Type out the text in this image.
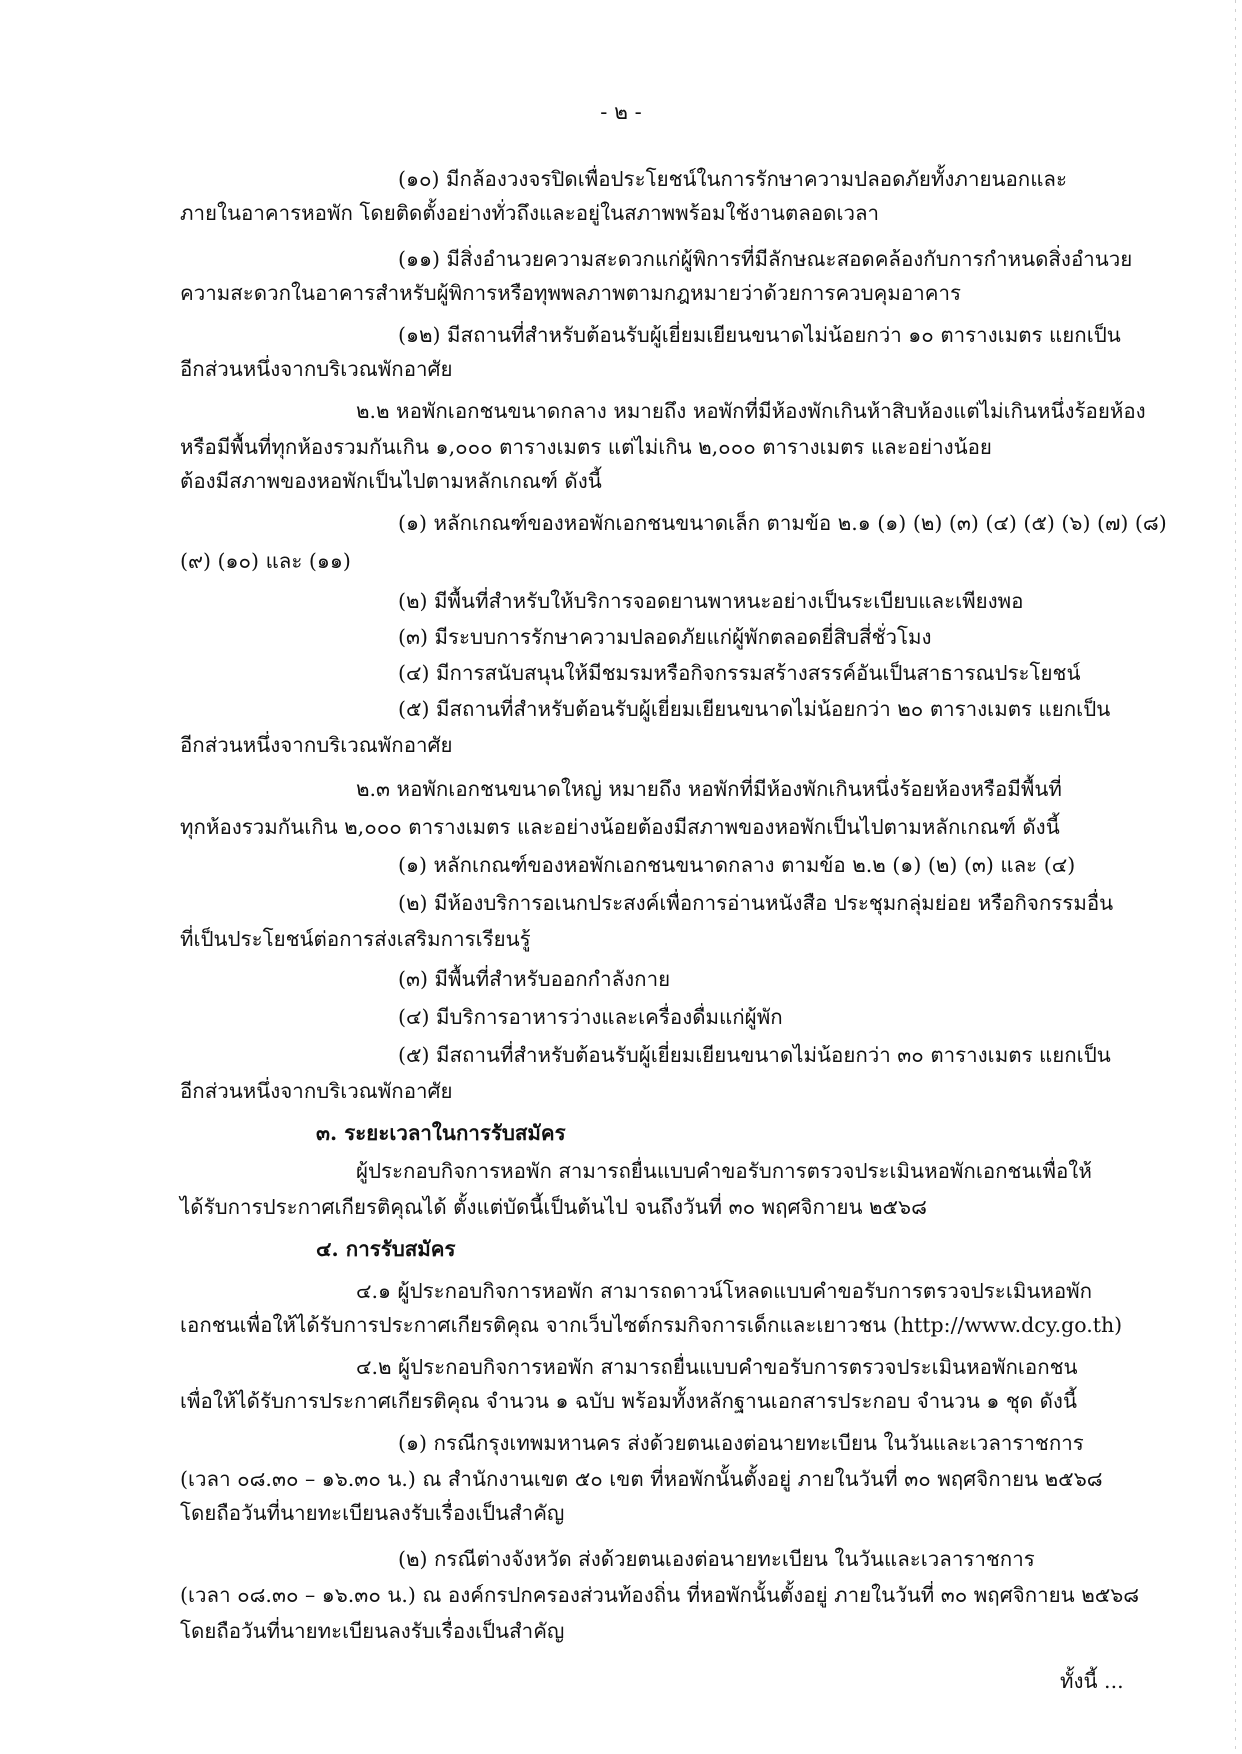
- ๒ -
(๑๐) มีกล้องวงจรปิดเพื่อประโยชน์ในการรักษาความปลอดภัยทั้งภายนอกและ
ภายในอาคารหอพัก โดยติดตั้งอย่างทั่วถึงและอยู่ในสภาพพร้อมใช้งานตลอดเวลา
(๑๑) มีสิ่งอำนวยความสะดวกแก่ผู้พิการที่มีลักษณะสอดคล้องกับการกำหนดสิ่งอำนวย
ความสะดวกในอาคารสำหรับผู้พิการหรือทุพพลภาพตามกฎหมายว่าด้วยการควบคุมอาคาร
(๑๒) มีสถานที่สำหรับต้อนรับผู้เยี่ยมเยียนขนาดไม่น้อยกว่า ๑๐ ตารางเมตร แยกเป็น
อีกส่วนหนึ่งจากบริเวณพักอาศัย
๒.๒ หอพักเอกชนขนาดกลาง หมายถึง หอพักที่มีห้องพักเกินห้าสิบห้องแต่ไม่เกินหนึ่งร้อยห้อง
หรือมีพื้นที่ทุกห้องรวมกันเกิน ๑,๐๐๐ ตารางเมตร แต่ไม่เกิน ๒,๐๐๐ ตารางเมตร และอย่างน้อย
ต้องมีสภาพของหอพักเป็นไปตามหลักเกณฑ์ ดังนี้
(๑) หลักเกณฑ์ของหอพักเอกชนขนาดเล็ก ตามข้อ ๒.๑ (๑) (๒) (๓) (๔) (๕) (๖) (๗) (๘)
(๙) (๑๐) และ (๑๑)
(๒) มีพื้นที่สำหรับให้บริการจอดยานพาหนะอย่างเป็นระเบียบและเพียงพอ
(๓) มีระบบการรักษาความปลอดภัยแก่ผู้พักตลอดยี่สิบสี่ชั่วโมง
(๔) มีการสนับสนุนให้มีชมรมหรือกิจกรรมสร้างสรรค์อันเป็นสาธารณประโยชน์
(๕) มีสถานที่สำหรับต้อนรับผู้เยี่ยมเยียนขนาดไม่น้อยกว่า ๒๐ ตารางเมตร แยกเป็น
อีกส่วนหนึ่งจากบริเวณพักอาศัย
๒.๓ หอพักเอกชนขนาดใหญ่ หมายถึง หอพักที่มีห้องพักเกินหนึ่งร้อยห้องหรือมีพื้นที่
ทุกห้องรวมกันเกิน ๒,๐๐๐ ตารางเมตร และอย่างน้อยต้องมีสภาพของหอพักเป็นไปตามหลักเกณฑ์ ดังนี้
(๑) หลักเกณฑ์ของหอพักเอกชนขนาดกลาง ตามข้อ ๒.๒ (๑) (๒) (๓) และ (๔)
(๒) มีห้องบริการอเนกประสงค์เพื่อการอ่านหนังสือ ประชุมกลุ่มย่อย หรือกิจกรรมอื่น
ที่เป็นประโยชน์ต่อการส่งเสริมการเรียนรู้
(๓) มีพื้นที่สำหรับออกกำลังกาย
(๔) มีบริการอาหารว่างและเครื่องดื่มแก่ผู้พัก
(๕) มีสถานที่สำหรับต้อนรับผู้เยี่ยมเยียนขนาดไม่น้อยกว่า ๓๐ ตารางเมตร แยกเป็น
อีกส่วนหนึ่งจากบริเวณพักอาศัย
๓. ระยะเวลาในการรับสมัคร
ผู้ประกอบกิจการหอพัก สามารถยื่นแบบคำขอรับการตรวจประเมินหอพักเอกชนเพื่อให้
ได้รับการประกาศเกียรติคุณได้ ตั้งแต่บัดนี้เป็นต้นไป จนถึงวันที่ ๓๐ พฤศจิกายน ๒๕๖๘
๔. การรับสมัคร
๔.๑ ผู้ประกอบกิจการหอพัก สามารถดาวน์โหลดแบบคำขอรับการตรวจประเมินหอพัก
เอกชนเพื่อให้ได้รับการประกาศเกียรติคุณ จากเว็บไซต์กรมกิจการเด็กและเยาวชน (http://www.dcy.go.th)
๔.๒ ผู้ประกอบกิจการหอพัก สามารถยื่นแบบคำขอรับการตรวจประเมินหอพักเอกชน
เพื่อให้ได้รับการประกาศเกียรติคุณ จำนวน ๑ ฉบับ พร้อมทั้งหลักฐานเอกสารประกอบ จำนวน ๑ ชุด ดังนี้
(๑) กรณีกรุงเทพมหานคร ส่งด้วยตนเองต่อนายทะเบียน ในวันและเวลาราชการ
(เวลา ๐๘.๓๐ – ๑๖.๓๐ น.) ณ สำนักงานเขต ๕๐ เขต ที่หอพักนั้นตั้งอยู่ ภายในวันที่ ๓๐ พฤศจิกายน ๒๕๖๘
โดยถือวันที่นายทะเบียนลงรับเรื่องเป็นสำคัญ
(๒) กรณีต่างจังหวัด ส่งด้วยตนเองต่อนายทะเบียน ในวันและเวลาราชการ
(เวลา ๐๘.๓๐ – ๑๖.๓๐ น.) ณ องค์กรปกครองส่วนท้องถิ่น ที่หอพักนั้นตั้งอยู่ ภายในวันที่ ๓๐ พฤศจิกายน ๒๕๖๘
โดยถือวันที่นายทะเบียนลงรับเรื่องเป็นสำคัญ
ทั้งนี้ ...
